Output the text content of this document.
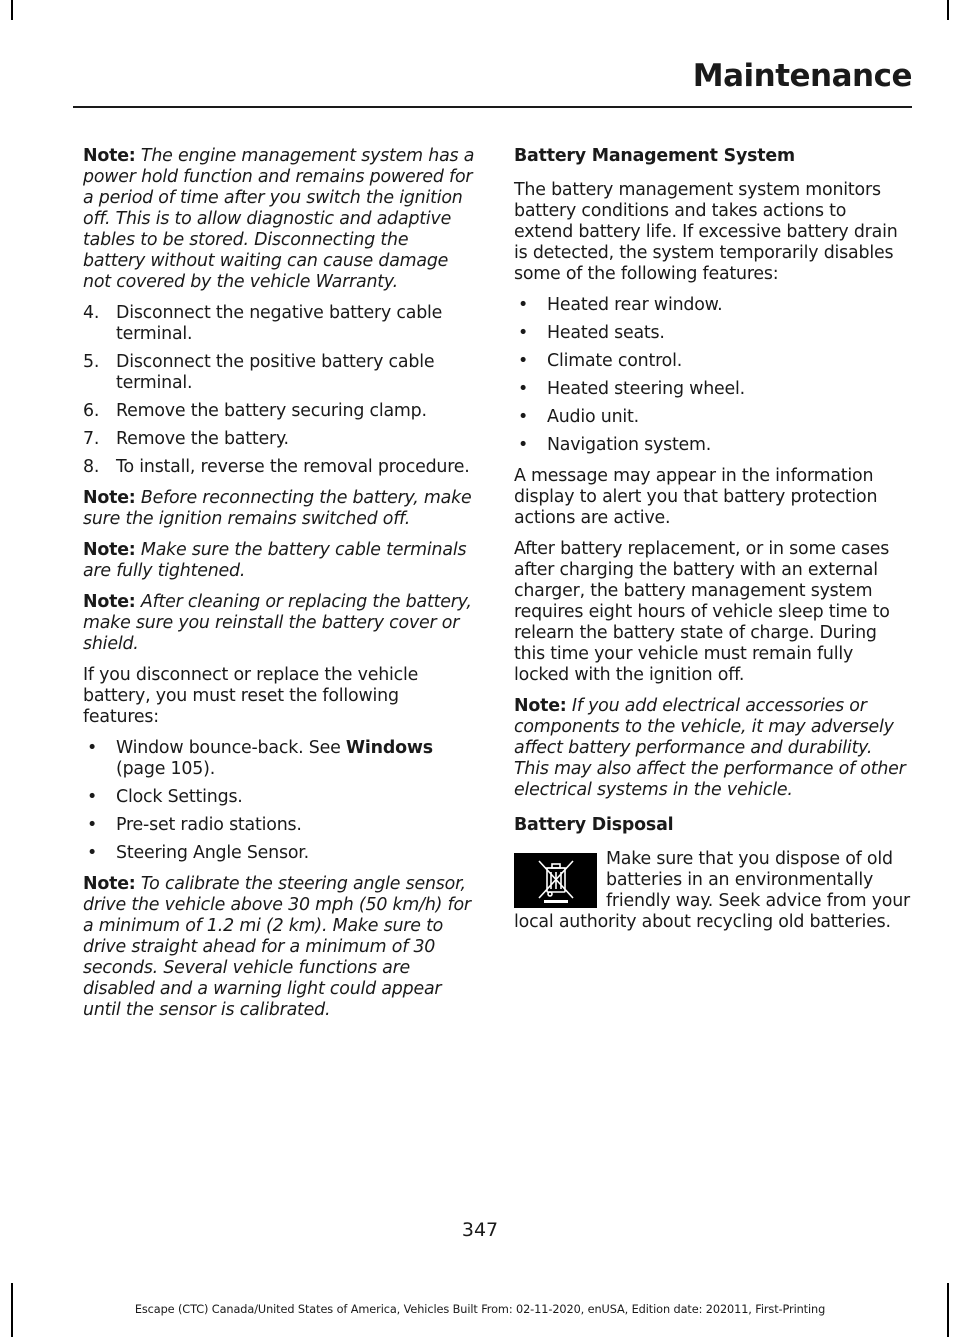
Maintenance

Note: The engine management system has a power hold function and remains powered for a period of time after you switch the ignition off. This is to allow diagnostic and adaptive tables to be stored. Disconnecting the battery without waiting can cause damage not covered by the vehicle Warranty.

4. Disconnect the negative battery cable terminal.
5. Disconnect the positive battery cable terminal.
6. Remove the battery securing clamp.
7. Remove the battery.
8. To install, reverse the removal procedure.

Note: Before reconnecting the battery, make sure the ignition remains switched off.

Note: Make sure the battery cable terminals are fully tightened.

Note: After cleaning or replacing the battery, make sure you reinstall the battery cover or shield.

If you disconnect or replace the vehicle battery, you must reset the following features:

• Window bounce-back. See Windows (page 105).
• Clock Settings.
• Pre-set radio stations.
• Steering Angle Sensor.

Note: To calibrate the steering angle sensor, drive the vehicle above 30 mph (50 km/h) for a minimum of 1.2 mi (2 km). Make sure to drive straight ahead for a minimum of 30 seconds. Several vehicle functions are disabled and a warning light could appear until the sensor is calibrated.

Battery Management System

The battery management system monitors battery conditions and takes actions to extend battery life. If excessive battery drain is detected, the system temporarily disables some of the following features:

• Heated rear window.
• Heated seats.
• Climate control.
• Heated steering wheel.
• Audio unit.
• Navigation system.

A message may appear in the information display to alert you that battery protection actions are active.

After battery replacement, or in some cases after charging the battery with an external charger, the battery management system requires eight hours of vehicle sleep time to relearn the battery state of charge. During this time your vehicle must remain fully locked with the ignition off.

Note: If you add electrical accessories or components to the vehicle, it may adversely affect battery performance and durability. This may also affect the performance of other electrical systems in the vehicle.

Battery Disposal

Make sure that you dispose of old batteries in an environmentally friendly way. Seek advice from your local authority about recycling old batteries.

347
Escape (CTC) Canada/United States of America, Vehicles Built From: 02-11-2020, enUSA, Edition date: 202011, First-Printing
